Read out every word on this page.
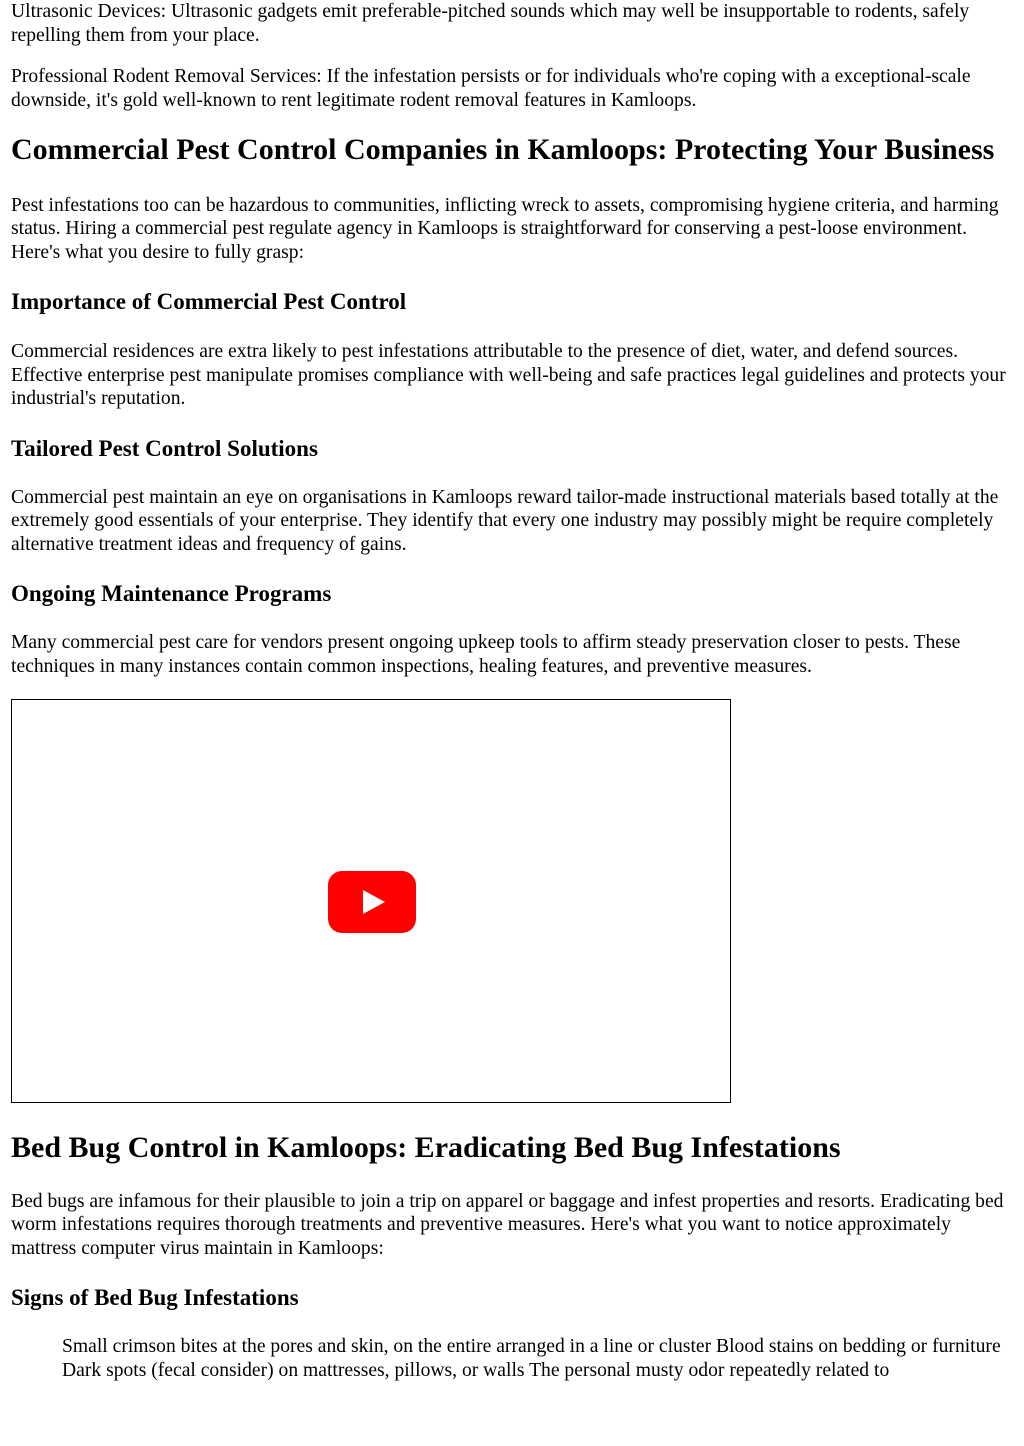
Ultrasonic Devices: Ultrasonic gadgets emit preferable-pitched sounds which may well be insupportable to rodents, safely repelling them from your place.

Professional Rodent Removal Services: If the infestation persists or for individuals who're coping with a exceptional-scale downside, it's gold well-known to rent legitimate rodent removal features in Kamloops.

Commercial Pest Control Companies in Kamloops: Protecting Your Business

Pest infestations too can be hazardous to communities, inflicting wreck to assets, compromising hygiene criteria, and harming status. Hiring a commercial pest regulate agency in Kamloops is straightforward for conserving a pest-loose environment. Here's what you desire to fully grasp:

Importance of Commercial Pest Control

Commercial residences are extra likely to pest infestations attributable to the presence of diet, water, and defend sources. Effective enterprise pest manipulate promises compliance with well-being and safe practices legal guidelines and protects your industrial's reputation.

Tailored Pest Control Solutions

Commercial pest maintain an eye on organisations in Kamloops reward tailor-made instructional materials based totally at the extremely good essentials of your enterprise. They identify that every one industry may possibly might be require completely alternative treatment ideas and frequency of gains.

Ongoing Maintenance Programs

Many commercial pest care for vendors present ongoing upkeep tools to affirm steady preservation closer to pests. These techniques in many instances contain common inspections, healing features, and preventive measures.

Bed Bug Control in Kamloops: Eradicating Bed Bug Infestations

Bed bugs are infamous for their plausible to join a trip on apparel or baggage and infest properties and resorts. Eradicating bed worm infestations requires thorough treatments and preventive measures. Here's what you want to notice approximately mattress computer virus maintain in Kamloops:

Signs of Bed Bug Infestations

Small crimson bites at the pores and skin, on the entire arranged in a line or cluster Blood stains on bedding or furniture Dark spots (fecal consider) on mattresses, pillows, or walls The personal musty odor repeatedly related to
